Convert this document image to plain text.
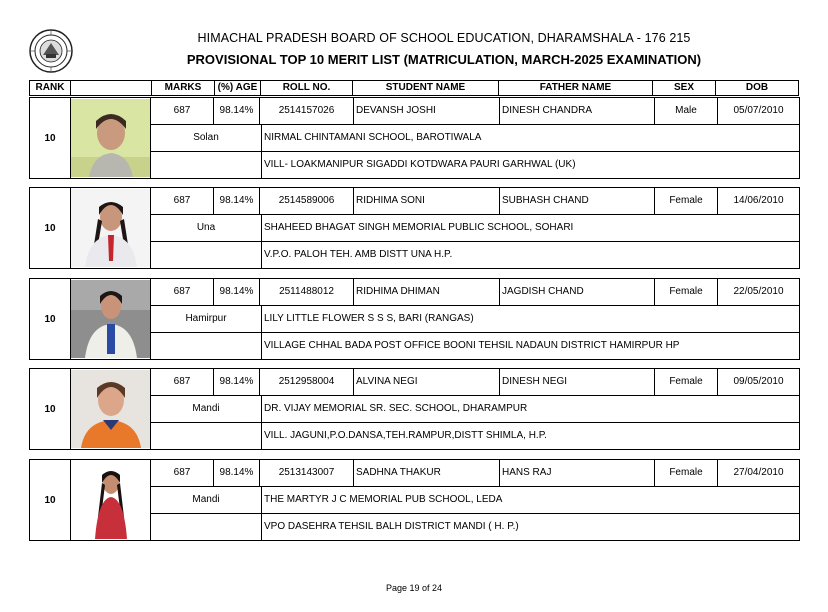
HIMACHAL PRADESH BOARD OF SCHOOL EDUCATION, DHARAMSHALA - 176 215
PROVISIONAL TOP 10 MERIT LIST (MATRICULATION, MARCH-2025 EXAMINATION)
RANK	MARKS	(%) AGE	ROLL NO.	STUDENT NAME	FATHER NAME	SEX	DOB
10
687	98.14%	2514157026	DEVANSH JOSHI	DINESH CHANDRA	Male	05/07/2010
Solan	NIRMAL CHINTAMANI SCHOOL, BAROTIWALA
VILL- LOAKMANIPUR SIGADDI KOTDWARA PAURI GARHWAL (UK)
10
687	98.14%	2514589006	RIDHIMA SONI	SUBHASH CHAND	Female	14/06/2010
Una	SHAHEED BHAGAT SINGH MEMORIAL PUBLIC SCHOOL, SOHARI
V.P.O. PALOH TEH. AMB DISTT UNA H.P.
10
687	98.14%	2511488012	RIDHIMA DHIMAN	JAGDISH CHAND	Female	22/05/2010
Hamirpur	LILY LITTLE FLOWER S S S, BARI (RANGAS)
VILLAGE CHHAL BADA POST OFFICE BOONI TEHSIL NADAUN DISTRICT HAMIRPUR HP
10
687	98.14%	2512958004	ALVINA NEGI	DINESH NEGI	Female	09/05/2010
Mandi	DR. VIJAY MEMORIAL SR. SEC. SCHOOL, DHARAMPUR
VILL. JAGUNI,P.O.DANSA,TEH.RAMPUR,DISTT SHIMLA, H.P.
10
687	98.14%	2513143007	SADHNA THAKUR	HANS RAJ	Female	27/04/2010
Mandi	THE MARTYR J C MEMORIAL PUB SCHOOL, LEDA
VPO DASEHRA TEHSIL BALH DISTRICT MANDI ( H. P.)
Page 19 of 24
